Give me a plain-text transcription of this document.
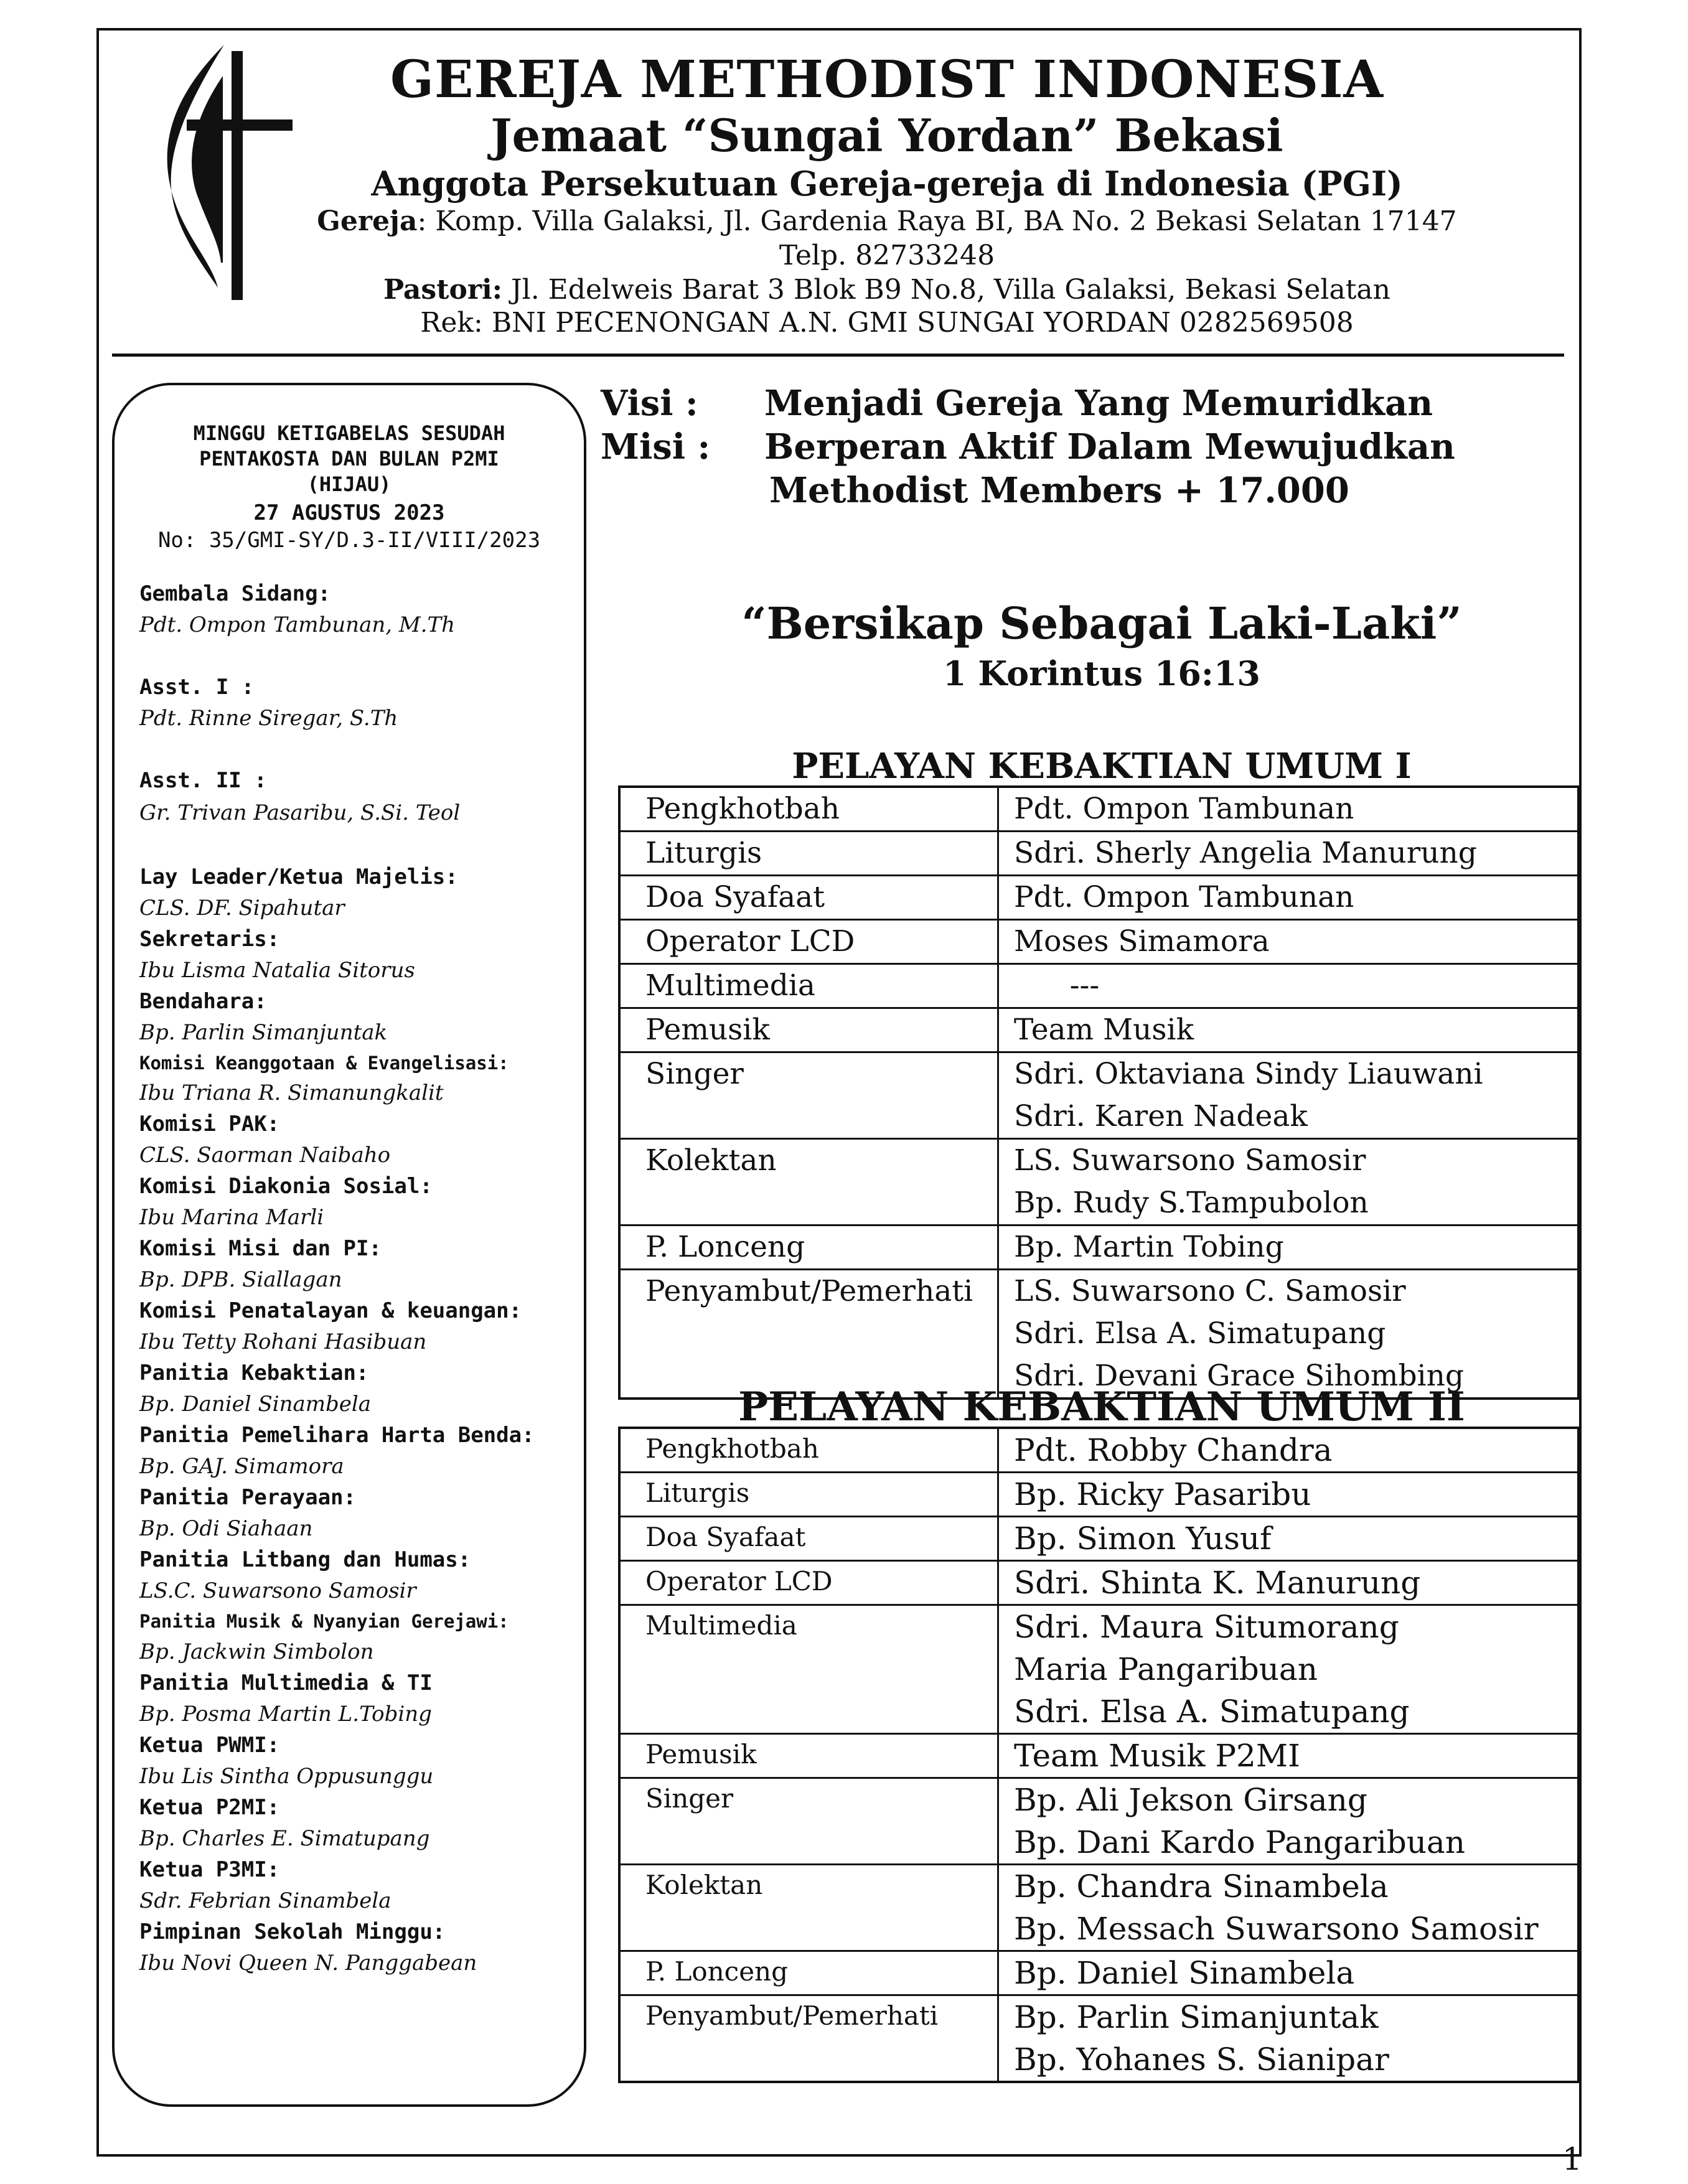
GEREJA METHODIST INDONESIA
Jemaat “Sungai Yordan” Bekasi
Anggota Persekutuan Gereja-gereja di Indonesia (PGI)
Gereja: Komp. Villa Galaksi, Jl. Gardenia Raya BI, BA No. 2 Bekasi Selatan 17147
Telp. 82733248
Pastori: Jl. Edelweis Barat 3 Blok B9 No.8, Villa Galaksi, Bekasi Selatan
Rek: BNI PECENONGAN A.N. GMI SUNGAI YORDAN 0282569508
MINGGU KETIGABELAS SESUDAH
PENTAKOSTA DAN BULAN P2MI
(HIJAU)
27 AGUSTUS 2023
No: 35/GMI-SY/D.3-II/VIII/2023
Gembala Sidang:
Pdt. Ompon Tambunan, M.Th
Asst. I :
Pdt. Rinne Siregar, S.Th
Asst. II :
Gr. Trivan Pasaribu, S.Si. Teol
Lay Leader/Ketua Majelis:
CLS. DF. Sipahutar
Sekretaris:
Ibu Lisma Natalia Sitorus
Bendahara:
Bp. Parlin Simanjuntak
Komisi Keanggotaan & Evangelisasi:
Ibu Triana R. Simanungkalit
Komisi PAK:
CLS. Saorman Naibaho
Komisi Diakonia Sosial:
Ibu Marina Marli
Komisi Misi dan PI:
Bp. DPB. Siallagan
Komisi Penatalayan & keuangan:
Ibu Tetty Rohani Hasibuan
Panitia Kebaktian:
Bp. Daniel Sinambela
Panitia Pemelihara Harta Benda:
Bp. GAJ. Simamora
Panitia Perayaan:
Bp. Odi Siahaan
Panitia Litbang dan Humas:
LS.C. Suwarsono Samosir
Panitia Musik & Nyanyian Gerejawi:
Bp. Jackwin Simbolon
Panitia Multimedia & TI
Bp. Posma Martin L.Tobing
Ketua PWMI:
Ibu Lis Sintha Oppusunggu
Ketua P2MI:
Bp. Charles E. Simatupang
Ketua P3MI:
Sdr. Febrian Sinambela
Pimpinan Sekolah Minggu:
Ibu Novi Queen N. Panggabean
Visi : Menjadi Gereja Yang Memuridkan
Misi : Berperan Aktif Dalam Mewujudkan
Methodist Members + 17.000
“Bersikap Sebagai Laki-Laki”
1 Korintus 16:13
PELAYAN KEBAKTIAN UMUM I
Pengkhotbah	Pdt. Ompon Tambunan
Liturgis	Sdri. Sherly Angelia Manurung
Doa Syafaat	Pdt. Ompon Tambunan
Operator LCD	Moses Simamora
Multimedia	---
Pemusik	Team Musik
Singer	Sdri. Oktaviana Sindy Liauwani
Sdri. Karen Nadeak
Kolektan	LS. Suwarsono Samosir
Bp. Rudy S.Tampubolon
P. Lonceng	Bp. Martin Tobing
Penyambut/Pemerhati	LS. Suwarsono C. Samosir
Sdri. Elsa A. Simatupang
Sdri. Devani Grace Sihombing
PELAYAN KEBAKTIAN UMUM II
Pengkhotbah	Pdt. Robby Chandra
Liturgis	Bp. Ricky Pasaribu
Doa Syafaat	Bp. Simon Yusuf
Operator LCD	Sdri. Shinta K. Manurung
Multimedia	Sdri. Maura Situmorang
Maria Pangaribuan
Sdri. Elsa A. Simatupang
Pemusik	Team Musik P2MI
Singer	Bp. Ali Jekson Girsang
Bp. Dani Kardo Pangaribuan
Kolektan	Bp. Chandra Sinambela
Bp. Messach Suwarsono Samosir
P. Lonceng	Bp. Daniel Sinambela
Penyambut/Pemerhati	Bp. Parlin Simanjuntak
Bp. Yohanes S. Sianipar
1
